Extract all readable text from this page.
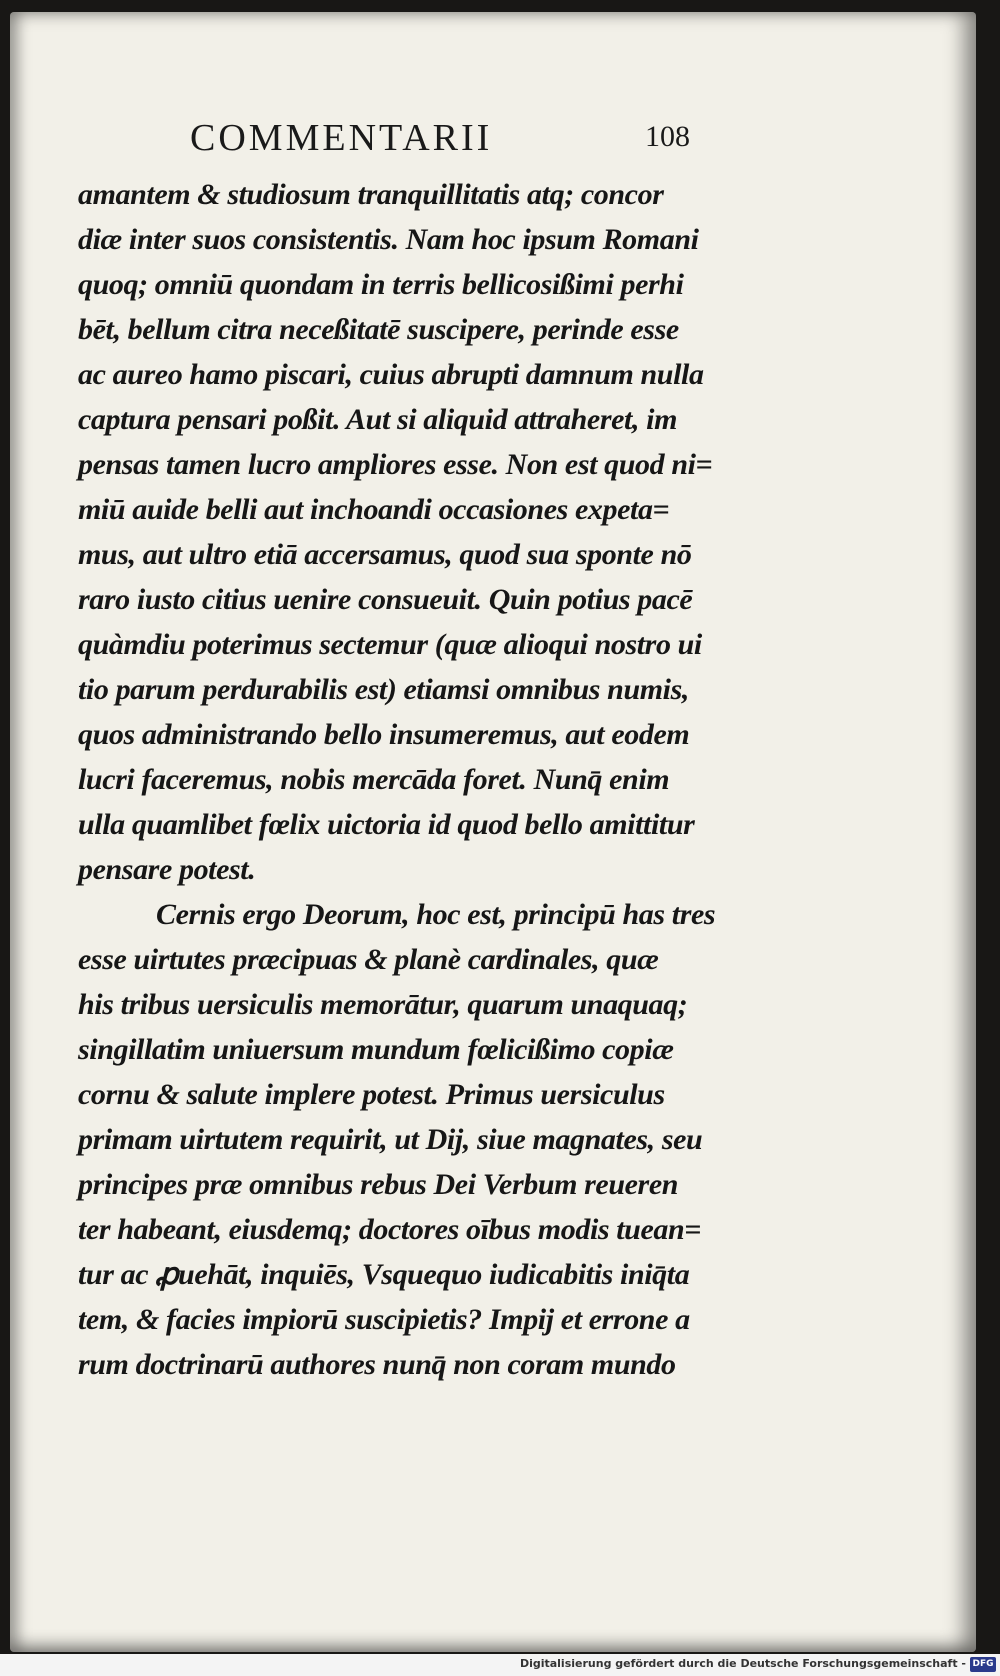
COMMENTARII	108
amantem & studiosum tranquillitatis atq; concor
diæ inter suos consistentis. Nam hoc ipsum Romani
quoq; omniū quondam in terris bellicosißimi perhi
bēt, bellum citra neceßitatē suscipere, perinde esse
ac aureo hamo piscari, cuius abrupti damnum nulla
captura pensari poßit. Aut si aliquid attraheret, im
pensas tamen lucro ampliores esse. Non est quod ni=
miū auide belli aut inchoandi occasiones expeta=
mus, aut ultro etiā accersamus, quod sua sponte nō
raro iusto citius uenire consueuit. Quin potius pacē
quàmdiu poterimus sectemur (quæ alioqui nostro ui
tio parum perdurabilis est) etiamsi omnibus numis,
quos administrando bello insumeremus, aut eodem
lucri faceremus, nobis mercāda foret. Nunq̄ enim
ulla quamlibet fœlix uictoria id quod bello amittitur
pensare potest.
Cernis ergo Deorum, hoc est, principū has tres
esse uirtutes præcipuas & planè cardinales, quæ
his tribus uersiculis memorātur, quarum unaquaq;
singillatim uniuersum mundum fœlicißimo copiæ
cornu & salute implere potest. Primus uersiculus
primam uirtutem requirit, ut Dij, siue magnates, seu
principes præ omnibus rebus Dei Verbum reueren
ter habeant, eiusdemq; doctores oībus modis tuean=
tur ac ꝓuehāt, inquiēs, Vsquequo iudicabitis iniq̄ta
tem, & facies impiorū suscipietis? Impij et errone a
rum doctrinarū authores nunq̄ non coram mundo
Digitalisierung gefördert durch die Deutsche Forschungsgemeinschaft - DFG
